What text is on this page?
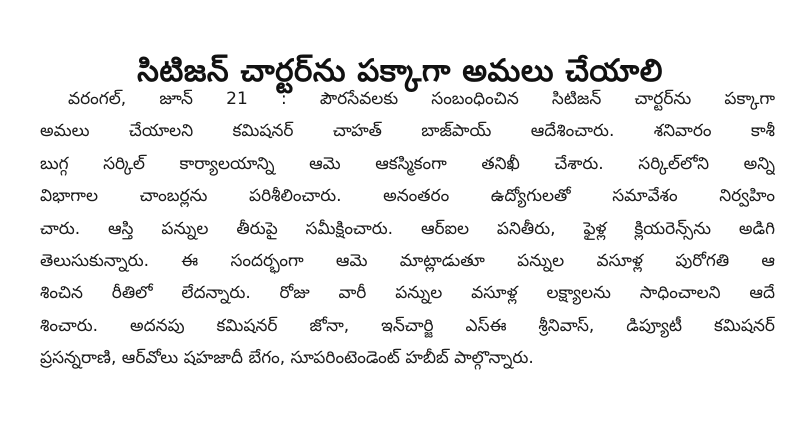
సిటిజన్ చార్టర్‌ను పక్కాగా అమలు చేయాలి
వరంగల్, జూన్ 21 : పౌరసేవలకు సంబంధించిన సిటిజన్ చార్టర్‌ను పక్కాగా
అమలు చేయాలని కమిషనర్ చాహత్ బాజ్‌పాయ్ ఆదేశించారు. శనివారం కాశీ
బుగ్గ సర్కిల్ కార్యాలయాన్ని ఆమె ఆకస్మికంగా తనిఖీ చేశారు. సర్కిల్‌లోని అన్ని
విభాగాల చాంబర్లను పరిశీలించారు. అనంతరం ఉద్యోగులతో సమావేశం నిర్వహిం
చారు. ఆస్తి పన్నుల తీరుపై సమీక్షించారు. ఆర్‌ఐల పనితీరు, ఫైళ్ల క్లియరెన్స్‌ను అడిగి
తెలుసుకున్నారు. ఈ సందర్భంగా ఆమె మాట్లాడుతూ పన్నుల వసూళ్ల పురోగతి ఆ
శించిన రీతిలో లేదన్నారు. రోజు వారీ పన్నుల వసూళ్ల లక్ష్యాలను సాధించాలని ఆదే
శించారు. అదనపు కమిషనర్ జోనా, ఇన్‌చార్జి ఎస్ఈ శ్రీనివాస్, డిప్యూటీ కమిషనర్
ప్రసన్నరాణి, ఆర్‌వోలు షహజాదీ బేగం, సూపరింటెండెంట్ హబీబ్ పాల్గొన్నారు.
